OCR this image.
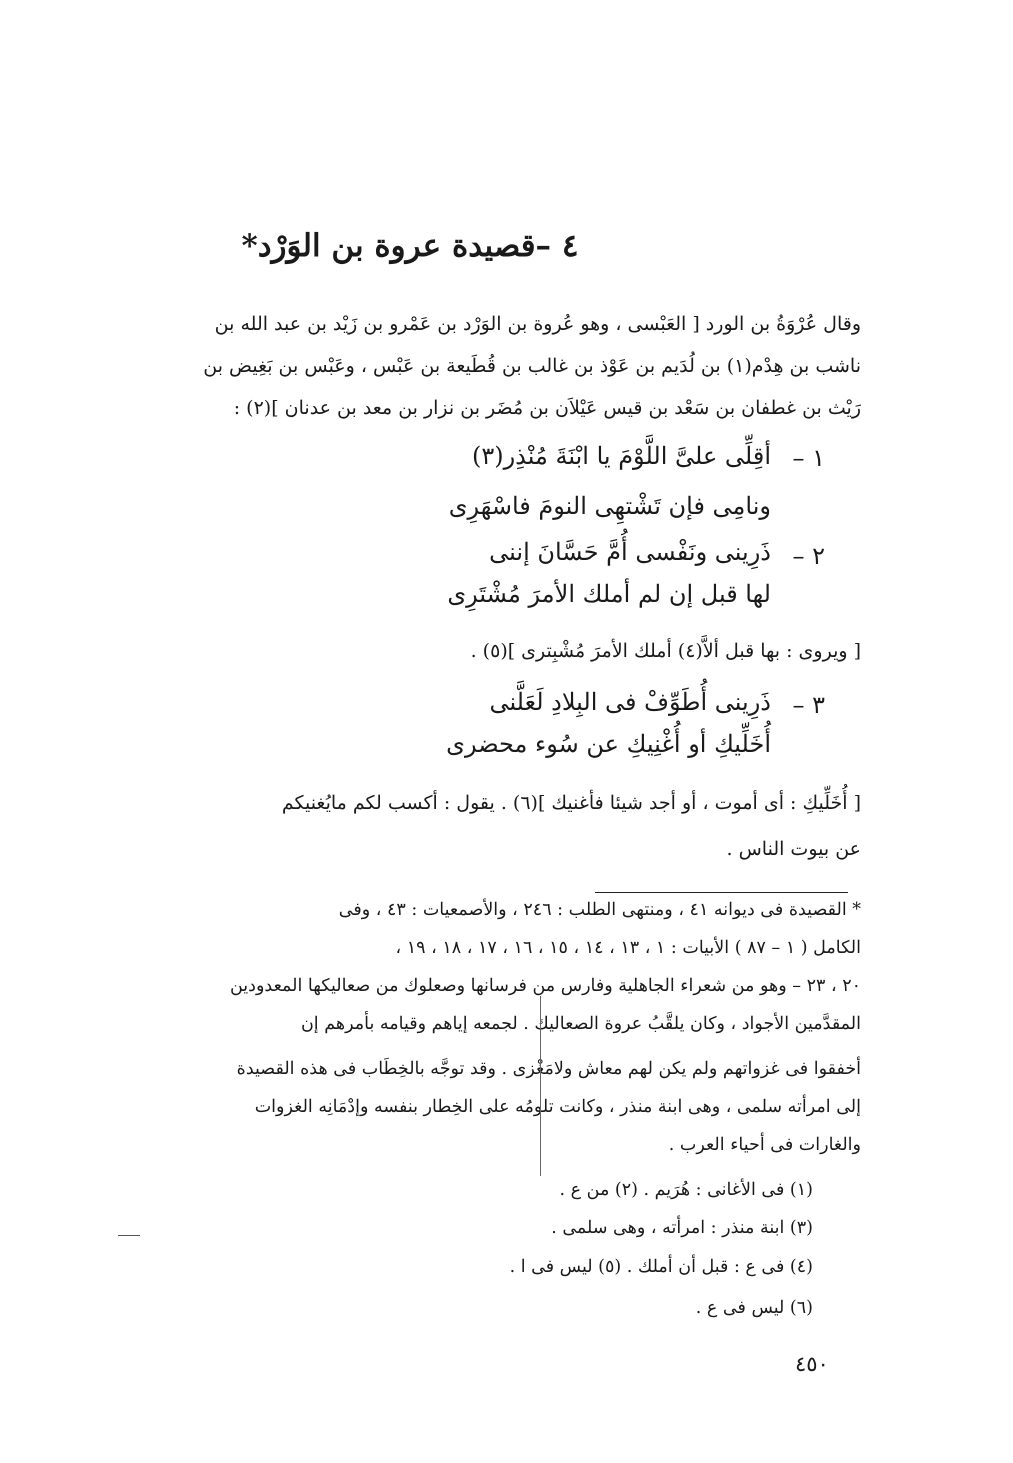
٤ –قصيدة عروة بن الوَرْد*
وقال عُرْوَةُ بن الورد [ العَبْسى ، وهو عُروة بن الوَرْد بن عَمْرو بن زَيْد بن عبد الله بن
ناشب بن هِدْم(١) بن لُدَيم بن عَوْذ بن غالب بن قُطَيعة بن عَبْس ، وعَبْس بن بَغِيض بن
رَيْث بن غطفان بن سَعْد بن قيس عَيْلاَن بن مُضَر بن نزار بن معد بن عدنان ](٢) :
١ –
أقِلِّى علىَّ اللَّوْمَ يا ابْنَةَ مُنْذِر(٣)
ونامِى فإن تَشْتهِى النومَ فاسْهَرِى
٢ –
ذَرِينى ونَفْسى أُمَّ حَسَّانَ إننى
لها قبل إن لم أملك الأمرَ مُشْتَرِى
[ ويروى : بها قبل ألاَّ(٤) أملك الأمرَ مُشْبِترى ](٥) .
٣ –
ذَرِينى أُطَوِّفْ فى البِلادِ لَعَلَّنى
أُخَلِّيكِ أو أُغْنِيكِ عن سُوء محضرى
[ أُخَلِّيكِ : أى أموت ، أو أجد شيئا فأغنيك ](٦) . يقول : أكسب لكم مايُغنيكم
عن بيوت الناس .
* القصيدة فى ديوانه ٤١ ، ومنتهى الطلب : ٢٤٦ ، والأصمعيات : ٤٣ ، وفى
الكامل ( ١ – ٨٧ ) الأبيات : ١ ، ١٣ ، ١٤ ، ١٥ ، ١٦ ، ١٧ ، ١٨ ، ١٩ ،
٢٠ ، ٢٣ – وهو من شعراء الجاهلية وفارس من فرسانها وصعلوك من صعاليكها المعدودين
المقدَّمين الأجواد ، وكان يلقَّبُ عروة الصعاليك . لجمعه إياهم وقيامه بأمرهم إن
أخفقوا فى غزواتهم ولم يكن لهم معاش ولامَغْزى . وقد توجَّه بالخِطَاب فى هذه القصيدة
إلى امرأته سلمى ، وهى ابنة منذر ، وكانت تلومُه على الخِطار بنفسه وإدْمَانِه الغزوات
والغارات فى أحياء العرب .
(١) فى الأغانى : هُرَيم . (٢) من ع .
(٣) ابنة منذر : امرأته ، وهى سلمى .
(٤) فى ع : قبل أن أملك . (٥) ليس فى ا .
(٦) ليس فى ع .
٤٥٠
